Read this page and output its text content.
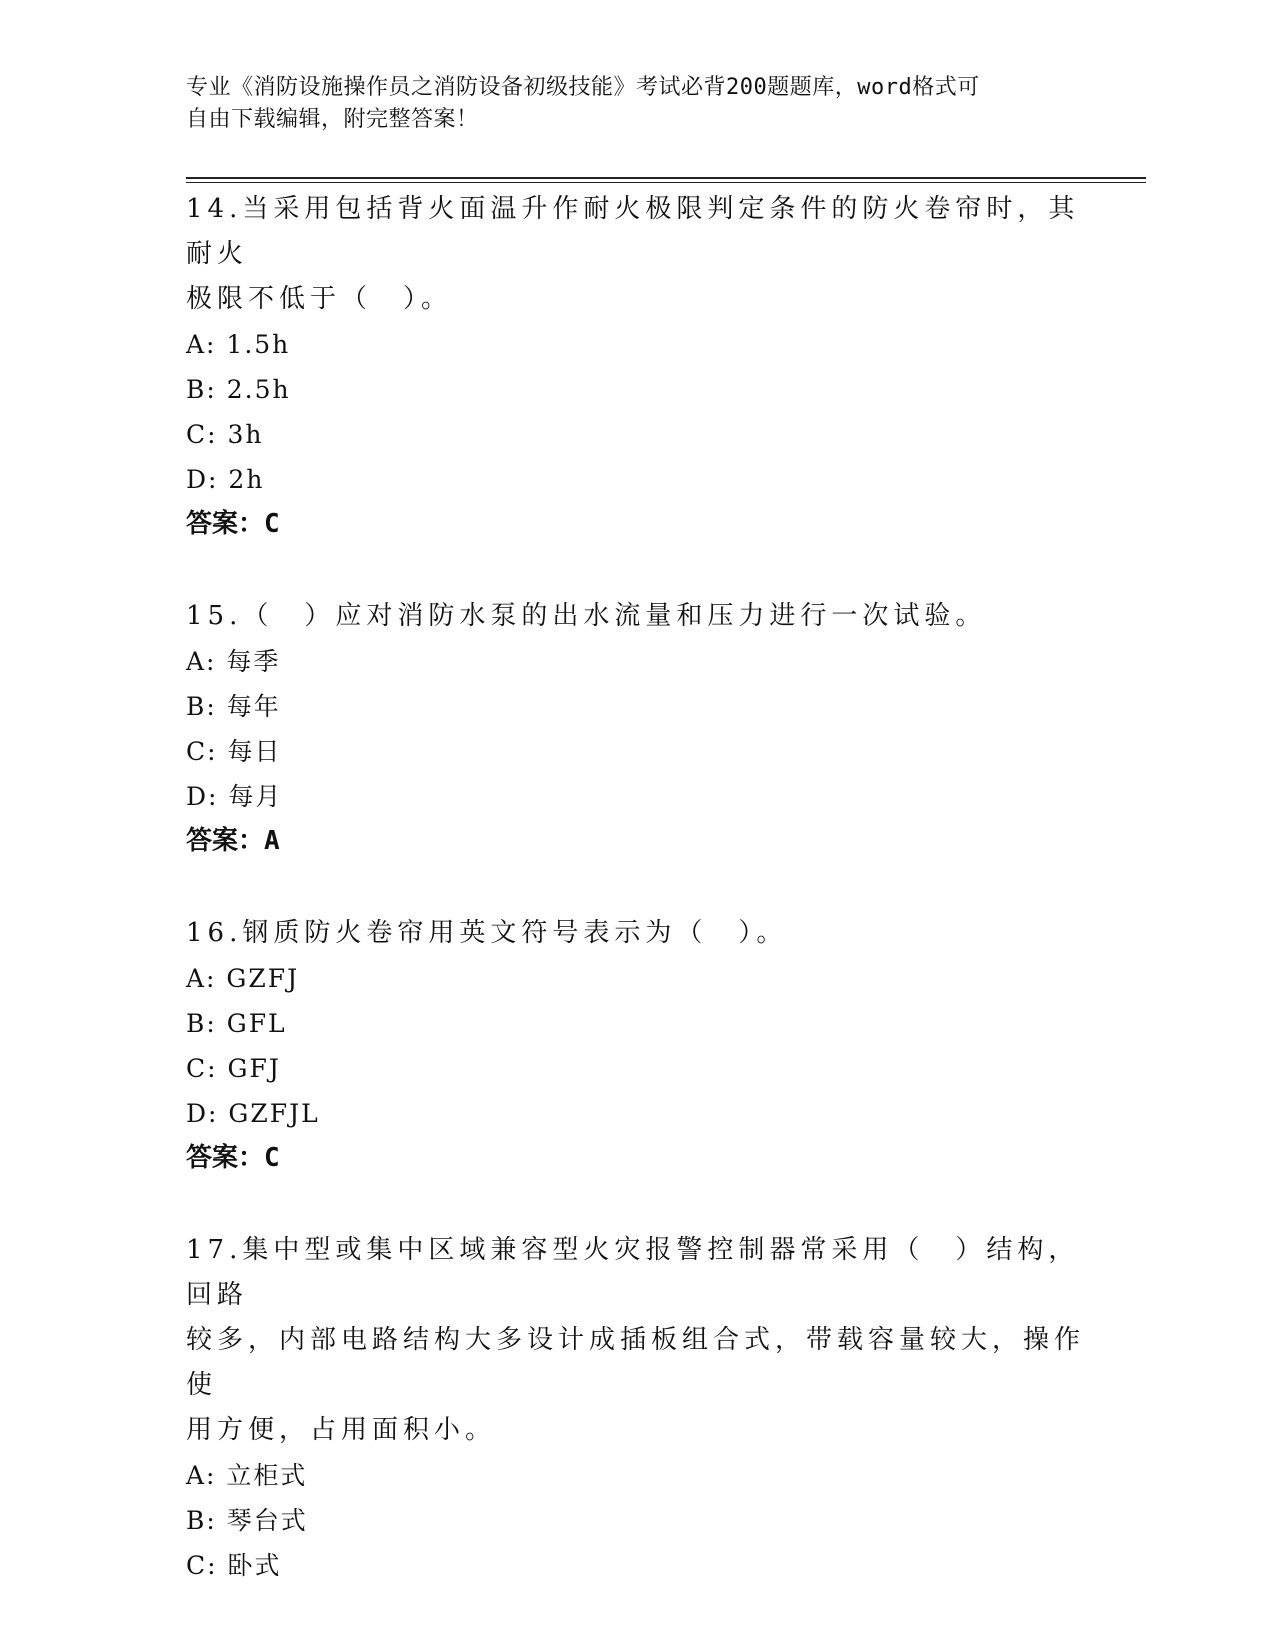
专业《消防设施操作员之消防设备初级技能》考试必背200题题库，word格式可
自由下载编辑，附完整答案！

14.当采用包括背火面温升作耐火极限判定条件的防火卷帘时，其耐火

极限不低于（　）。

A: 1.5h

B: 2.5h

C: 3h

D: 2h

答案：C

15.（　）应对消防水泵的出水流量和压力进行一次试验。

A: 每季

B: 每年

C: 每日

D: 每月

答案：A

16.钢质防火卷帘用英文符号表示为（　）。

A: GZFJ

B: GFL

C: GFJ

D: GZFJL

答案：C

17.集中型或集中区域兼容型火灾报警控制器常采用（　）结构，回路

较多，内部电路结构大多设计成插板组合式，带载容量较大，操作使

用方便，占用面积小。

A: 立柜式

B: 琴台式

C: 卧式
